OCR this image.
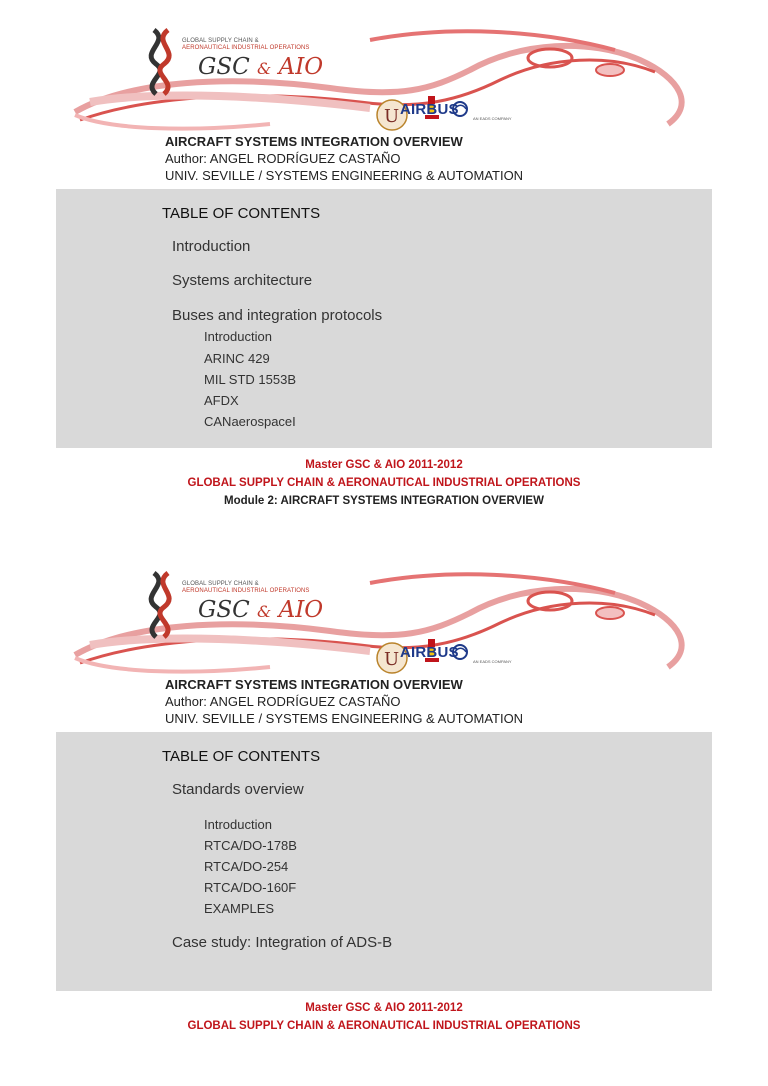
U
GLOBAL SUPPLY CHAIN &
AERONAUTICAL INDUSTRIAL OPERATIONS
GSC & AIO
AIRBUS
AN EADS COMPANY
AIRCRAFT SYSTEMS INTEGRATION OVERVIEW
Author: ANGEL RODRÍGUEZ CASTAÑO
UNIV. SEVILLE / SYSTEMS ENGINEERING & AUTOMATION
TABLE OF CONTENTS
Introduction
Systems architecture
Buses and integration protocols
Introduction
ARINC 429
MIL STD 1553B
AFDX
CANaerospaceI
Master GSC & AIO 2011-2012
GLOBAL SUPPLY CHAIN & AERONAUTICAL INDUSTRIAL OPERATIONS
Module 2: AIRCRAFT SYSTEMS INTEGRATION OVERVIEW
U
GLOBAL SUPPLY CHAIN &
AERONAUTICAL INDUSTRIAL OPERATIONS
GSC & AIO
AIRBUS
AN EADS COMPANY
AIRCRAFT SYSTEMS INTEGRATION OVERVIEW
Author: ANGEL RODRÍGUEZ CASTAÑO
UNIV. SEVILLE / SYSTEMS ENGINEERING & AUTOMATION
TABLE OF CONTENTS
Standards overview
Introduction
RTCA/DO-178B
RTCA/DO-254
RTCA/DO-160F
EXAMPLES
Case study: Integration of ADS-B
Master GSC & AIO 2011-2012
GLOBAL SUPPLY CHAIN & AERONAUTICAL INDUSTRIAL OPERATIONS
